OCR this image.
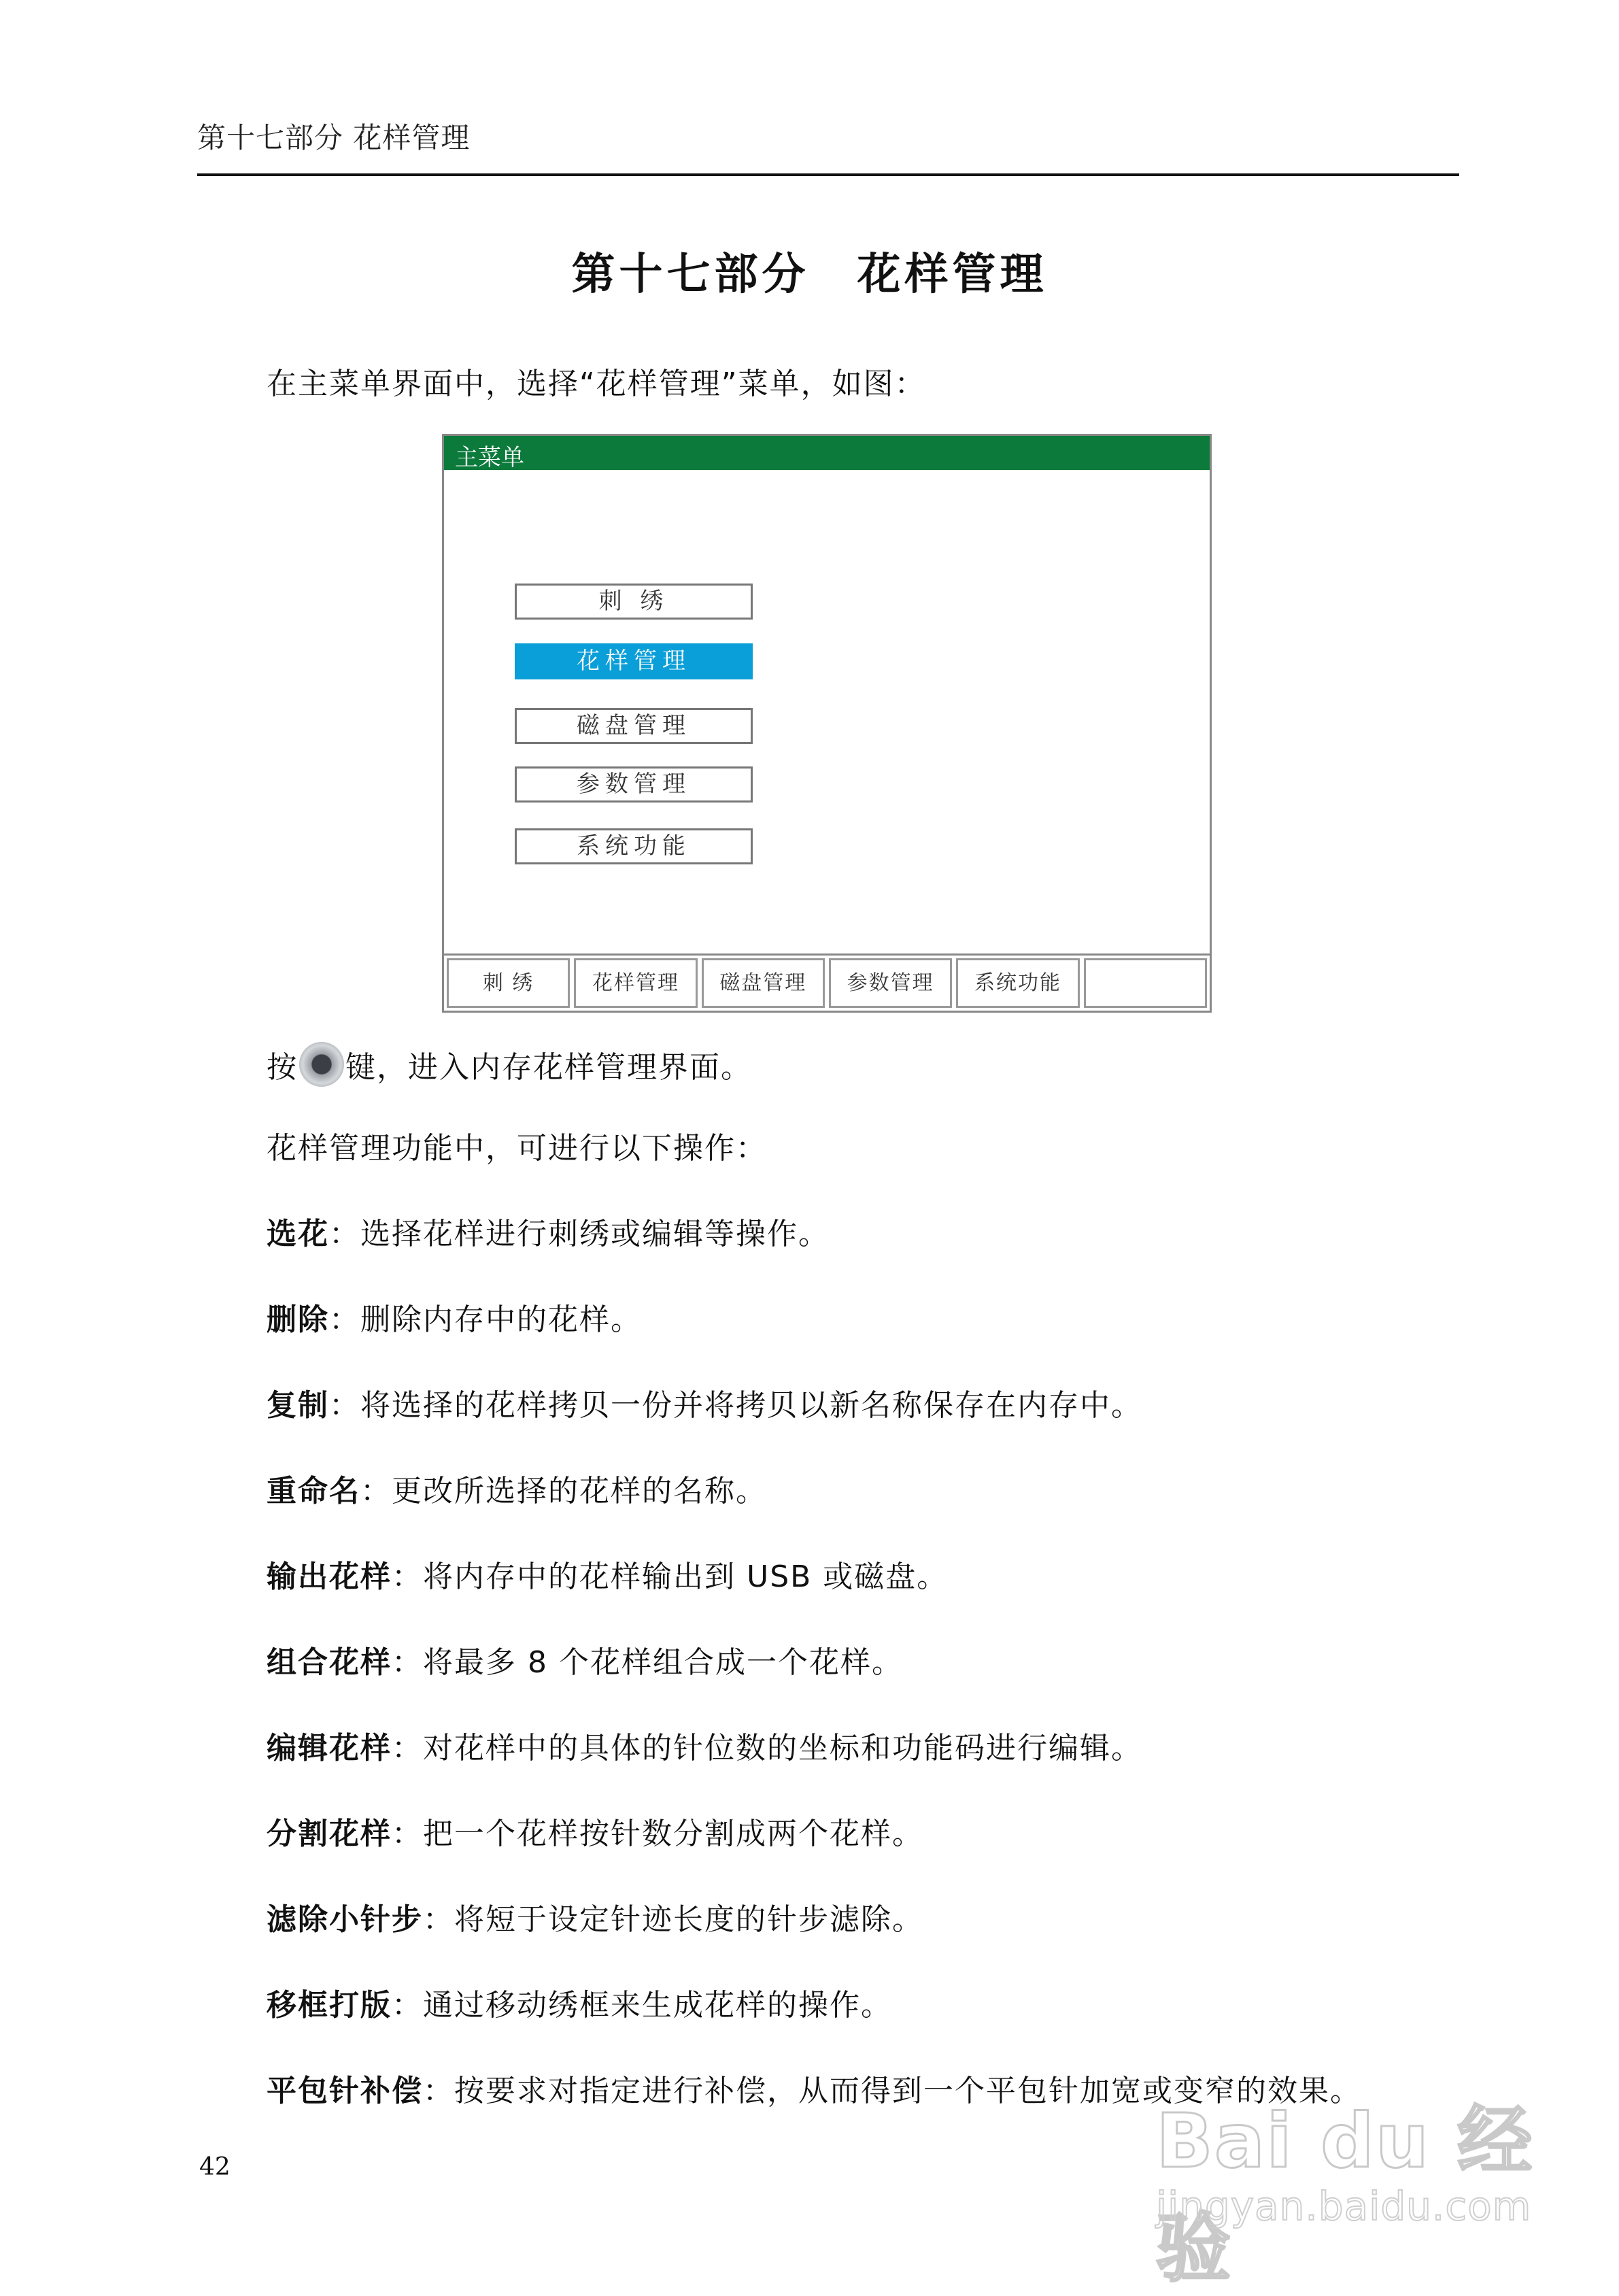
第十七部分 花样管理
第十七部分 花样管理
在主菜单界面中，选择“花样管理”菜单，如图：
主菜单
刺 绣
花样管理
磁盘管理
参数管理
系统功能
刺 绣	花样管理	磁盘管理	参数管理	系统功能
按 键，进入内存花样管理界面。
花样管理功能中，可进行以下操作：
选花：选择花样进行刺绣或编辑等操作。
删除：删除内存中的花样。
复制：将选择的花样拷贝一份并将拷贝以新名称保存在内存中。
重命名：更改所选择的花样的名称。
输出花样：将内存中的花样输出到 USB 或磁盘。
组合花样：将最多 8 个花样组合成一个花样。
编辑花样：对花样中的具体的针位数的坐标和功能码进行编辑。
分割花样：把一个花样按针数分割成两个花样。
滤除小针步：将短于设定针迹长度的针步滤除。
移框打版：通过移动绣框来生成花样的操作。
平包针补偿：按要求对指定进行补偿，从而得到一个平包针加宽或变窄的效果。
42	Bai du 经验
jingyan.baidu.com
